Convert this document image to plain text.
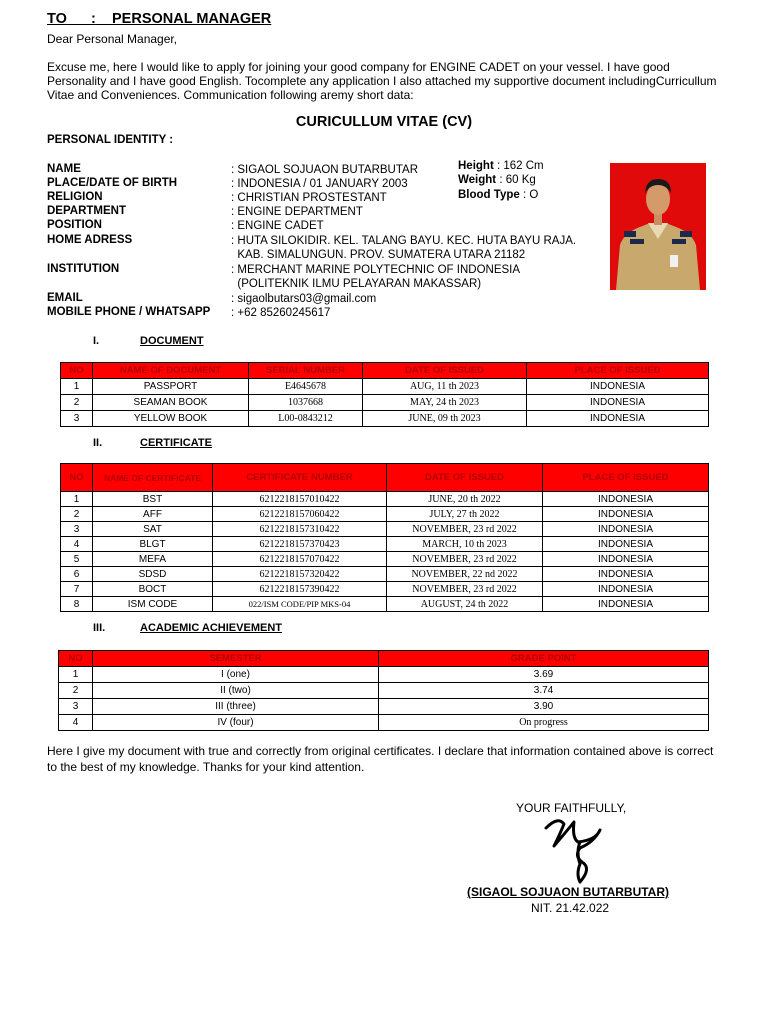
TO : PERSONAL MANAGER
Dear Personal Manager,
Excuse me, here I would like to apply for joining your good company for ENGINE CADET on your vessel. I have good Personality and I have good English. Tocomplete any application I also attached my supportive document includingCurricullum Vitae and Conveniences. Communication following aremy short data:
CURICULLUM VITAE (CV)
PERSONAL IDENTITY :
NAME	: SIGAOL SOJUAON BUTARBUTAR
PLACE/DATE OF BIRTH	: INDONESIA / 01 JANUARY 2003
RELIGION	: CHRISTIAN PROSTESTANT
DEPARTMENT	: ENGINE DEPARTMENT
POSITION	: ENGINE CADET
HOME ADRESS	: HUTA SILOKIDIR. KEL. TALANG BAYU. KEC. HUTA BAYU RAJA.
KAB. SIMALUNGUN. PROV. SUMATERA UTARA 21182
INSTITUTION	: MERCHANT MARINE POLYTECHNIC OF INDONESIA
(POLITEKNIK ILMU PELAYARAN MAKASSAR)
EMAIL	: sigaolbutars03@gmail.com
MOBILE PHONE / WHATSAPP : +62 85260245617
Height : 162 Cm
Weight : 60 Kg
Blood Type : O
I.	DOCUMENT
NO	NAME OF DOCUMENT	SERIAL NUMBER	DATE OF ISSUED	PLACE OF ISSUED
1	PASSPORT	E4645678	AUG, 11 th 2023	INDONESIA
2	SEAMAN BOOK	1037668	MAY, 24 th 2023	INDONESIA
3	YELLOW BOOK	L00-0843212	JUNE, 09 th 2023	INDONESIA
II.	CERTIFICATE
NO	NAME OF CERTIFICATE	CERTIFICATE NUMBER	DATE OF ISSUED	PLACE OF ISSUED
1	BST	6212218157010422	JUNE, 20 th 2022	INDONESIA
2	AFF	6212218157060422	JULY, 27 th 2022	INDONESIA
3	SAT	6212218157310422	NOVEMBER, 23 rd 2022	INDONESIA
4	BLGT	6212218157370423	MARCH, 10 th 2023	INDONESIA
5	MEFA	6212218157070422	NOVEMBER, 23 rd 2022	INDONESIA
6	SDSD	6212218157320422	NOVEMBER, 22 nd 2022	INDONESIA
7	BOCT	6212218157390422	NOVEMBER, 23 rd 2022	INDONESIA
8	ISM CODE	022/ISM CODE/PIP MKS-04	AUGUST, 24 th 2022	INDONESIA
III.	ACADEMIC ACHIEVEMENT
NO	SEMESTER	GRADE POINT
1	I (one)	3.69
2	II (two)	3.74
3	III (three)	3.90
4	IV (four)	On progress
Here I give my document with true and correctly from original certificates. I declare that information contained above is correct to the best of my knowledge. Thanks for your kind attention.
YOUR FAITHFULLY,
(SIGAOL SOJUAON BUTARBUTAR)
NIT. 21.42.022
